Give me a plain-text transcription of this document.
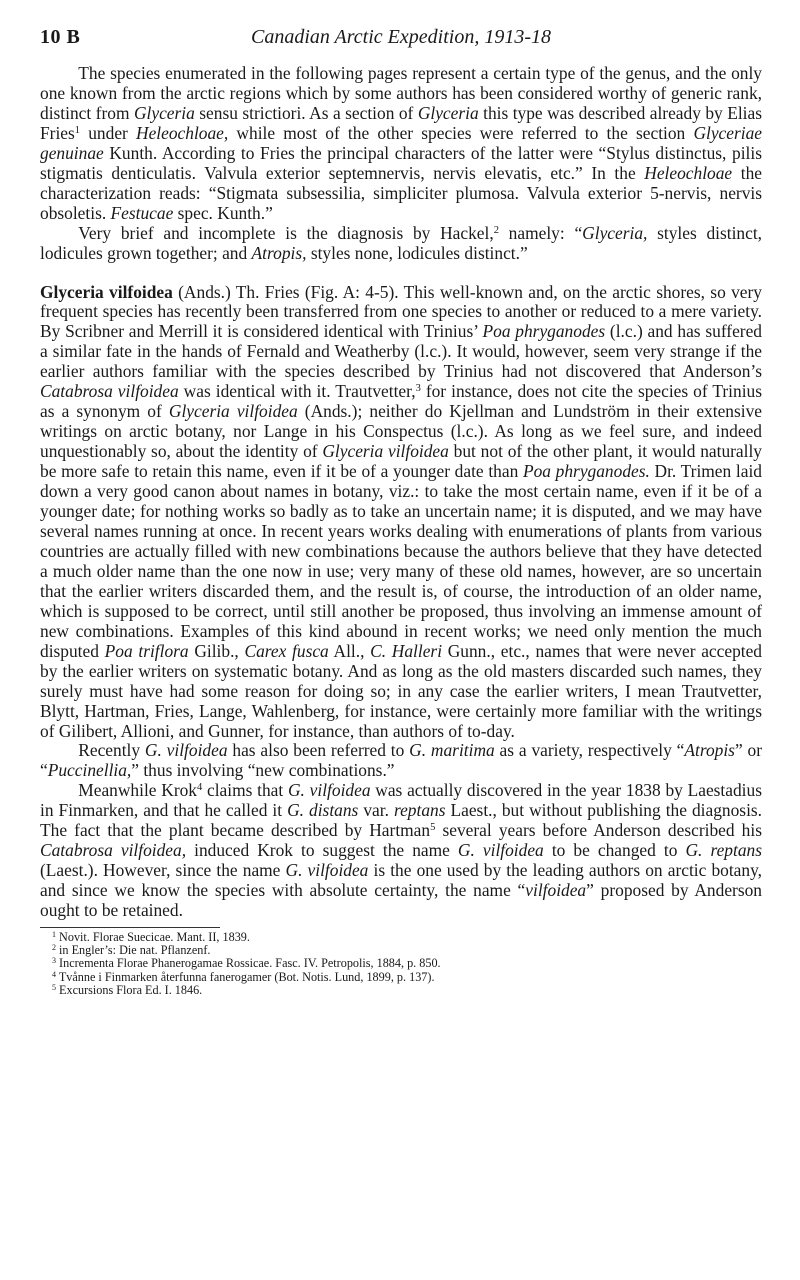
10 B	Canadian Arctic Expedition, 1913-18

The species enumerated in the following pages represent a certain type of the genus, and the only one known from the arctic regions which by some authors has been considered worthy of generic rank, distinct from Glyceria sensu strictiori. As a section of Glyceria this type was described already by Elias Fries$^1$ under Heleochloae, while most of the other species were referred to the section Glyceriae genuinae Kunth. According to Fries the principal characters of the latter were “Stylus distinctus, pilis stigmatis denticulatis. Valvula exterior septemnervis, nervis elevatis, etc.” In the Heleochloae the characterization reads: “Stigmata subsessilia, simpliciter plumosa. Valvula exterior 5-nervis, nervis obsoletis. Festucae spec. Kunth.”

Very brief and incomplete is the diagnosis by Hackel,$^2$ namely: “Glyceria, styles distinct, lodicules grown together; and Atropis, styles none, lodicules distinct.”

Glyceria vilfoidea (Ands.) Th. Fries (Fig. A: 4-5). This well-known and, on the arctic shores, so very frequent species has recently been transferred from one species to another or reduced to a mere variety. By Scribner and Merrill it is considered identical with Trinius’ Poa phryganodes (l.c.) and has suffered a similar fate in the hands of Fernald and Weatherby (l.c.). It would, however, seem very strange if the earlier authors familiar with the species described by Trinius had not discovered that Anderson’s Catabrosa vilfoidea was identical with it. Trautvetter,$^3$ for instance, does not cite the species of Trinius as a synonym of Glyceria vilfoidea (Ands.); neither do Kjellman and Lundström in their extensive writings on arctic botany, nor Lange in his Conspectus (l.c.). As long as we feel sure, and indeed unquestionably so, about the identity of Glyceria vilfoidea but not of the other plant, it would naturally be more safe to retain this name, even if it be of a younger date than Poa phryganodes. Dr. Trimen laid down a very good canon about names in botany, viz.: to take the most certain name, even if it be of a younger date; for nothing works so badly as to take an uncertain name; it is disputed, and we may have several names running at once. In recent years works dealing with enumerations of plants from various countries are actually filled with new combinations because the authors believe that they have detected a much older name than the one now in use; very many of these old names, however, are so uncertain that the earlier writers discarded them, and the result is, of course, the introduction of an older name, which is supposed to be correct, until still another be proposed, thus involving an immense amount of new combinations. Examples of this kind abound in recent works; we need only mention the much disputed Poa triflora Gilib., Carex fusca All., C. Halleri Gunn., etc., names that were never accepted by the earlier writers on systematic botany. And as long as the old masters discarded such names, they surely must have had some reason for doing so; in any case the earlier writers, I mean Trautvetter, Blytt, Hartman, Fries, Lange, Wahlenberg, for instance, were certainly more familiar with the writings of Gilibert, Allioni, and Gunner, for instance, than authors of to-day.

Recently G. vilfoidea has also been referred to G. maritima as a variety, respectively “Atropis” or “Puccinellia,” thus involving “new combinations.”

Meanwhile Krok$^4$ claims that G. vilfoidea was actually discovered in the year 1838 by Laestadius in Finmarken, and that he called it G. distans var. reptans Laest., but without publishing the diagnosis. The fact that the plant became described by Hartman$^5$ several years before Anderson described his Catabrosa vilfoidea, induced Krok to suggest the name G. vilfoidea to be changed to G. reptans (Laest.). However, since the name G. vilfoidea is the one used by the leading authors on arctic botany, and since we know the species with absolute certainty, the name “vilfoidea” proposed by Anderson ought to be retained.

$^1$ Novit. Florae Suecicae. Mant. II, 1839.
$^2$ in Engler’s: Die nat. Pflanzenf.
$^3$ Incrementa Florae Phanerogamae Rossicae. Fasc. IV. Petropolis, 1884, p. 850.
$^4$ Tvånne i Finmarken återfunna fanerogamer (Bot. Notis. Lund, 1899, p. 137).
$^5$ Excursions Flora Ed. I. 1846.
